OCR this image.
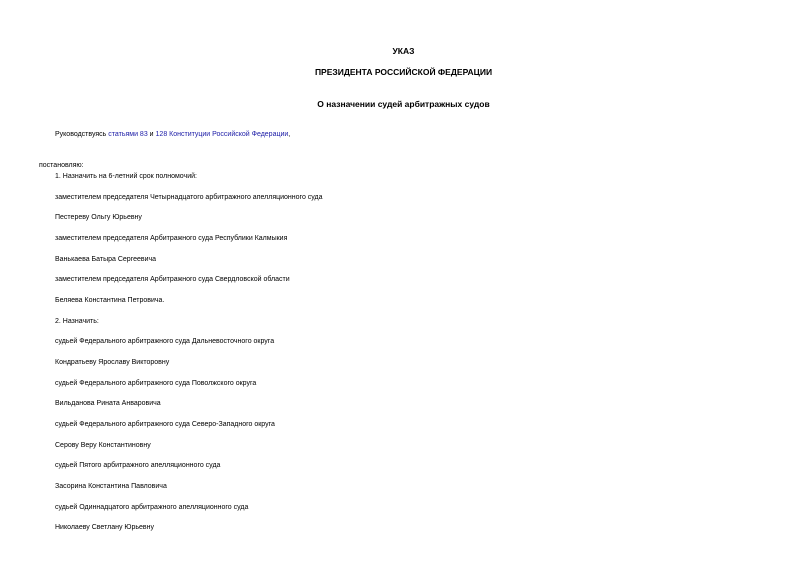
УКАЗ
ПРЕЗИДЕНТА РОССИЙСКОЙ ФЕДЕРАЦИИ
О назначении судей арбитражных судов
Руководствуясь статьями 83 и 128 Конституции Российской Федерации,
постановляю:
1. Назначить на 6-летний срок полномочий:
заместителем председателя Четырнадцатого арбитражного апелляционного суда
Пестереву Ольгу Юрьевну
заместителем председателя Арбитражного суда Республики Калмыкия
Ванькаева Батыра Сергеевича
заместителем председателя Арбитражного суда Свердловской области
Беляева Константина Петровича.
2. Назначить:
судьей Федерального арбитражного суда Дальневосточного округа
Кондратьеву Ярославу Викторовну
судьей Федерального арбитражного суда Поволжского округа
Вильданова Рината Анваровича
судьей Федерального арбитражного суда Северо-Западного округа
Серову Веру Константиновну
судьей Пятого арбитражного апелляционного суда
Засорина Константина Павловича
судьей Одиннадцатого арбитражного апелляционного суда
Николаеву Светлану Юрьевну
